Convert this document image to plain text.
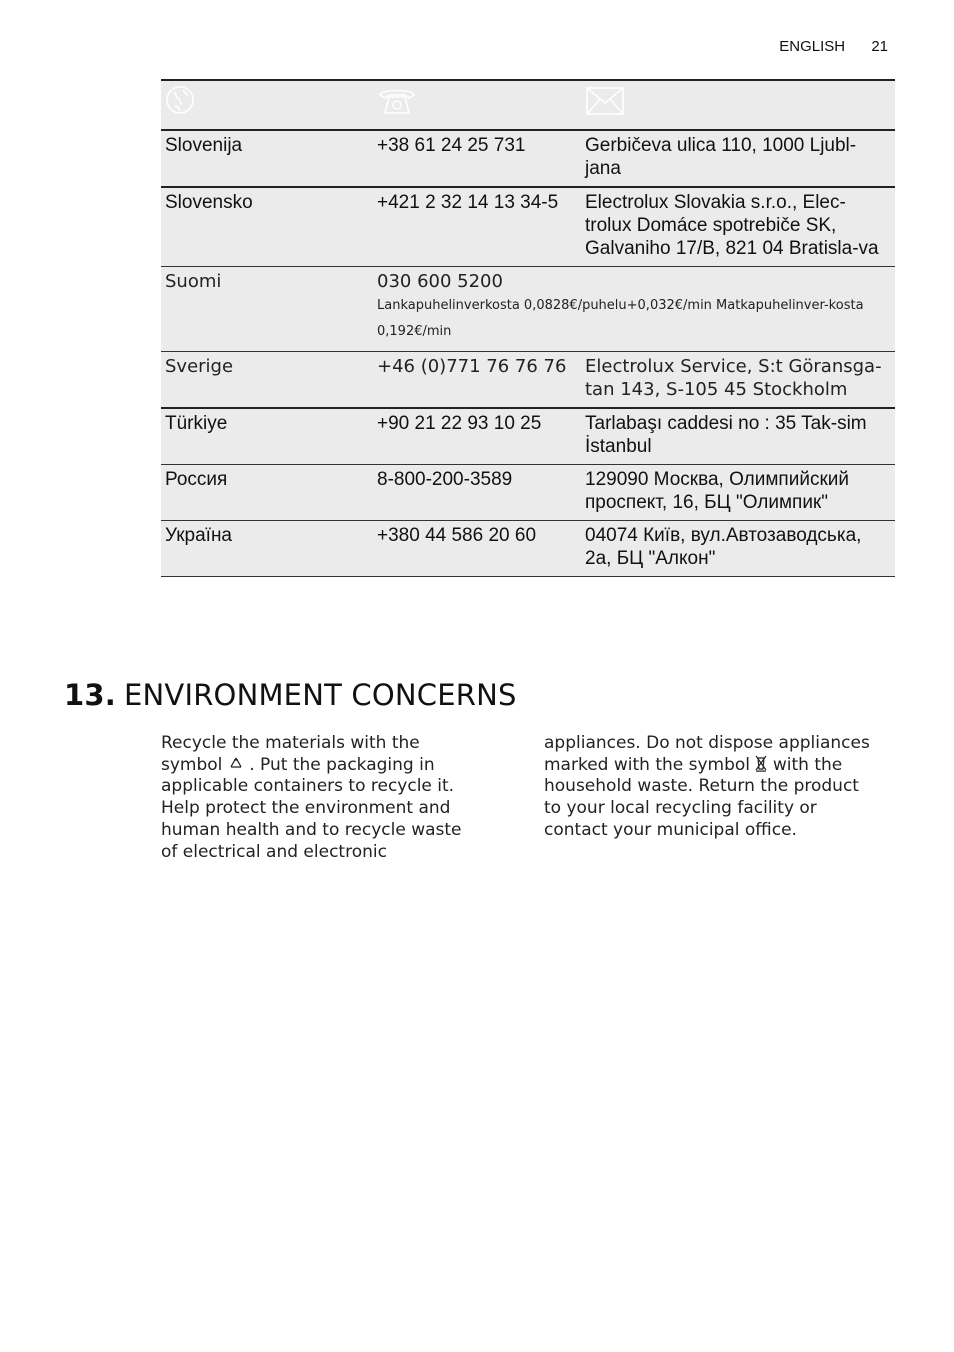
ENGLISH 21

Slovenija	+38 61 24 25 731	Gerbičeva ulica 110, 1000 Ljubl-jana
Slovensko	+421 2 32 14 13 34-5	Electrolux Slovakia s.r.o., Elec-trolux Domáce spotrebiče SK, Galvaniho 17/B, 821 04 Bratisla-va
Suomi	030 600 5200
Lankapuhelinverkosta 0,0828€/puhelu+0,032€/min Matkapuhelinver-kosta 0,192€/min	

Sverige	+46 (0)771 76 76 76	Electrolux Service, S:t Göransga-tan 143, S-105 45 Stockholm
Türkiye	+90 21 22 93 10 25	Tarlabaşı caddesi no : 35 Tak-sim İstanbul
Россия	8-800-200-3589	129090 Москва, Олимпийский проспект, 16, БЦ "Олимпик"
Україна	+380 44 586 20 60	04074 Київ, вул.Автозаводська, 2а, БЦ "Алкон"
13. ENVIRONMENT CONCERNS
Recycle the materials with the symbol . Put the packaging in applicable containers to recycle it. Help protect the environment and human health and to recycle waste of electrical and electronic
appliances. Do not dispose appliances marked with the symbol with the household waste. Return the product to your local recycling facility or contact your municipal office.
